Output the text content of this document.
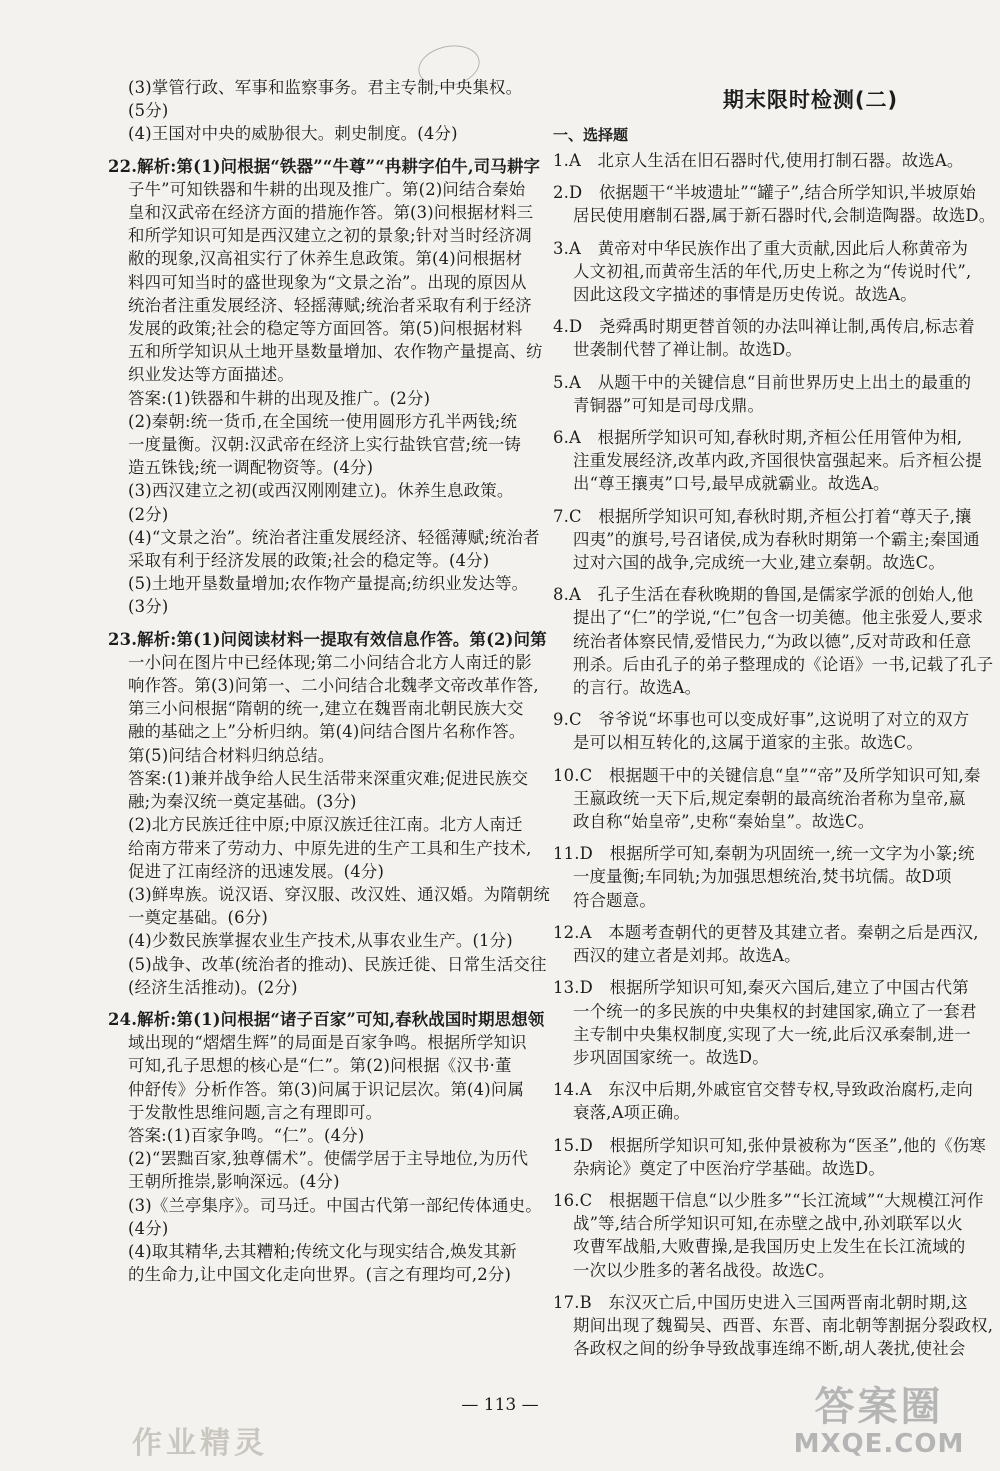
(3)掌管行政、军事和监察事务。君主专制,中央集权。
(5分)
(4)王国对中央的威胁很大。刺史制度。(4分)
22.解析:第(1)问根据“铁器”“牛尊”“冉耕字伯牛,司马耕字
子牛”可知铁器和牛耕的出现及推广。第(2)问结合秦始
皇和汉武帝在经济方面的措施作答。第(3)问根据材料三
和所学知识可知是西汉建立之初的景象;针对当时经济凋
敝的现象,汉高祖实行了休养生息政策。第(4)问根据材
料四可知当时的盛世现象为“文景之治”。出现的原因从
统治者注重发展经济、轻摇薄赋;统治者采取有利于经济
发展的政策;社会的稳定等方面回答。第(5)问根据材料
五和所学知识从土地开垦数量增加、农作物产量提高、纺
织业发达等方面描述。
答案:(1)铁器和牛耕的出现及推广。(2分)
(2)秦朝:统一货币,在全国统一使用圆形方孔半两钱;统
一度量衡。汉朝:汉武帝在经济上实行盐铁官营;统一铸
造五铢钱;统一调配物资等。(4分)
(3)西汉建立之初(或西汉刚刚建立)。休养生息政策。
(2分)
(4)“文景之治”。统治者注重发展经济、轻徭薄赋;统治者
采取有利于经济发展的政策;社会的稳定等。(4分)
(5)土地开垦数量增加;农作物产量提高;纺织业发达等。
(3分)
23.解析:第(1)问阅读材料一提取有效信息作答。第(2)问第
一小问在图片中已经体现;第二小问结合北方人南迁的影
响作答。第(3)问第一、二小问结合北魏孝文帝改革作答,
第三小问根据“隋朝的统一,建立在魏晋南北朝民族大交
融的基础之上”分析归纳。第(4)问结合图片名称作答。
第(5)问结合材料归纳总结。
答案:(1)兼并战争给人民生活带来深重灾难;促进民族交
融;为秦汉统一奠定基础。(3分)
(2)北方民族迁往中原;中原汉族迁往江南。北方人南迁
给南方带来了劳动力、中原先进的生产工具和生产技术,
促进了江南经济的迅速发展。(4分)
(3)鲜卑族。说汉语、穿汉服、改汉姓、通汉婚。为隋朝统
一奠定基础。(6分)
(4)少数民族掌握农业生产技术,从事农业生产。(1分)
(5)战争、改革(统治者的推动)、民族迁徙、日常生活交往
(经济生活推动)。(2分)
24.解析:第(1)问根据“诸子百家”可知,春秋战国时期思想领
域出现的“熠熠生辉”的局面是百家争鸣。根据所学知识
可知,孔子思想的核心是“仁”。第(2)问根据《汉书·董
仲舒传》分析作答。第(3)问属于识记层次。第(4)问属
于发散性思维问题,言之有理即可。
答案:(1)百家争鸣。“仁”。(4分)
(2)“罢黜百家,独尊儒术”。使儒学居于主导地位,为历代
王朝所推崇,影响深远。(4分)
(3)《兰亭集序》。司马迁。中国古代第一部纪传体通史。
(4分)
(4)取其精华,去其糟粕;传统文化与现实结合,焕发其新
的生命力,让中国文化走向世界。(言之有理均可,2分)
期末限时检测(二)
一、选择题
1.A　北京人生活在旧石器时代,使用打制石器。故选A。
2.D　依据题干“半坡遗址”“罐子”,结合所学知识,半坡原始
居民使用磨制石器,属于新石器时代,会制造陶器。故选D。
3.A　黄帝对中华民族作出了重大贡献,因此后人称黄帝为
人文初祖,而黄帝生活的年代,历史上称之为“传说时代”,
因此这段文字描述的事情是历史传说。故选A。
4.D　尧舜禹时期更替首领的办法叫禅让制,禹传启,标志着
世袭制代替了禅让制。故选D。
5.A　从题干中的关键信息“目前世界历史上出土的最重的
青铜器”可知是司母戊鼎。
6.A　根据所学知识可知,春秋时期,齐桓公任用管仲为相,
注重发展经济,改革内政,齐国很快富强起来。后齐桓公提
出“尊王攘夷”口号,最早成就霸业。故选A。
7.C　根据所学知识可知,春秋时期,齐桓公打着“尊天子,攘
四夷”的旗号,号召诸侯,成为春秋时期第一个霸主;秦国通
过对六国的战争,完成统一大业,建立秦朝。故选C。
8.A　孔子生活在春秋晚期的鲁国,是儒家学派的创始人,他
提出了“仁”的学说,“仁”包含一切美德。他主张爱人,要求
统治者体察民情,爱惜民力,“为政以德”,反对苛政和任意
刑杀。后由孔子的弟子整理成的《论语》一书,记载了孔子
的言行。故选A。
9.C　爷爷说“坏事也可以变成好事”,这说明了对立的双方
是可以相互转化的,这属于道家的主张。故选C。
10.C　根据题干中的关键信息“皇”“帝”及所学知识可知,秦
王嬴政统一天下后,规定秦朝的最高统治者称为皇帝,嬴
政自称“始皇帝”,史称“秦始皇”。故选C。
11.D　根据所学可知,秦朝为巩固统一,统一文字为小篆;统
一度量衡;车同轨;为加强思想统治,焚书坑儒。故D项
符合题意。
12.A　本题考查朝代的更替及其建立者。秦朝之后是西汉,
西汉的建立者是刘邦。故选A。
13.D　根据所学知识可知,秦灭六国后,建立了中国古代第
一个统一的多民族的中央集权的封建国家,确立了一套君
主专制中央集权制度,实现了大一统,此后汉承秦制,进一
步巩固国家统一。故选D。
14.A　东汉中后期,外戚宦官交替专权,导致政治腐朽,走向
衰落,A项正确。
15.D　根据所学知识可知,张仲景被称为“医圣”,他的《伤寒
杂病论》奠定了中医治疗学基础。故选D。
16.C　根据题干信息“以少胜多”“长江流域”“大规模江河作
战”等,结合所学知识可知,在赤壁之战中,孙刘联军以火
攻曹军战船,大败曹操,是我国历史上发生在长江流域的
一次以少胜多的著名战役。故选C。
17.B　东汉灭亡后,中国历史进入三国两晋南北朝时期,这
期间出现了魏蜀吴、西晋、东晋、南北朝等割据分裂政权,
各政权之间的纷争导致战事连绵不断,胡人袭扰,使社会
— 113 —
作业精灵
答案圈
MXQE.COM
